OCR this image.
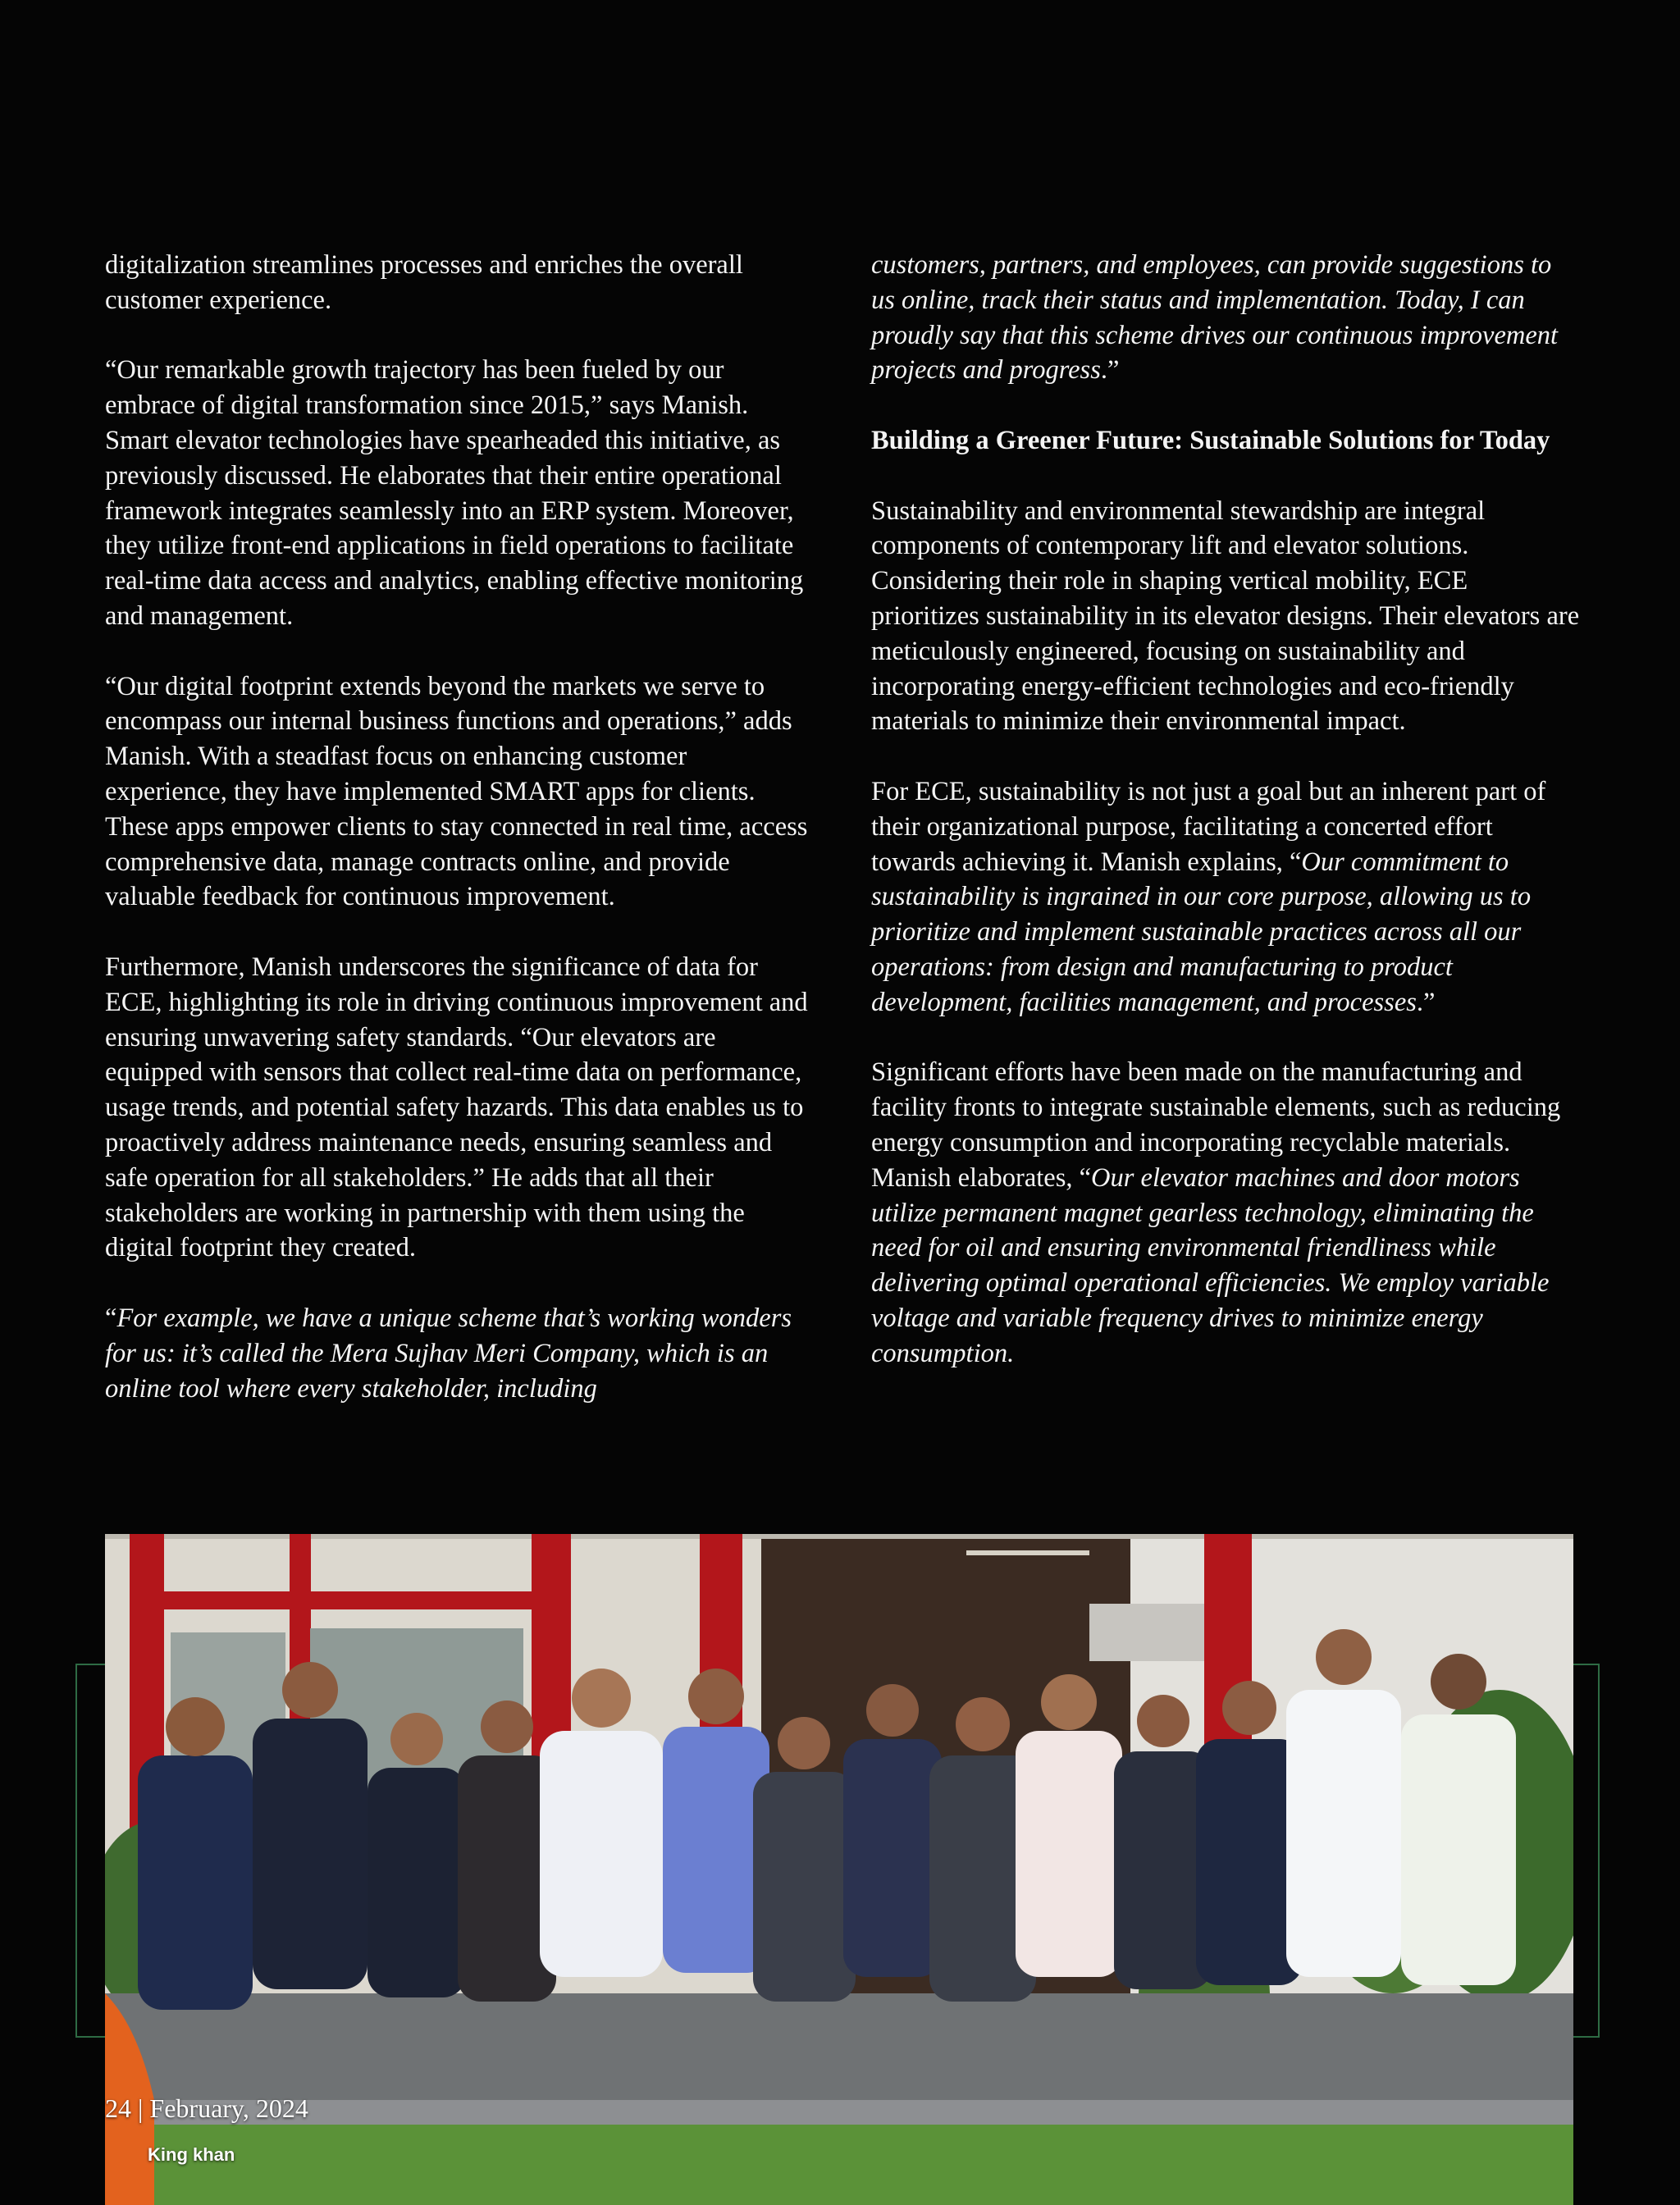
digitalization streamlines processes and enriches the overall customer experience.

“Our remarkable growth trajectory has been fueled by our embrace of digital transformation since 2015,” says Manish. Smart elevator technologies have spearheaded this initiative, as previously discussed. He elaborates that their entire operational framework integrates seamlessly into an ERP system. Moreover, they utilize front-end applications in field operations to facilitate real-time data access and analytics, enabling effective monitoring and management.

“Our digital footprint extends beyond the markets we serve to encompass our internal business functions and operations,” adds Manish. With a steadfast focus on enhancing customer experience, they have implemented SMART apps for clients. These apps empower clients to stay connected in real time, access comprehensive data, manage contracts online, and provide valuable feedback for continuous improvement.

Furthermore, Manish underscores the significance of data for ECE, highlighting its role in driving continuous improvement and ensuring unwavering safety standards. “Our elevators are equipped with sensors that collect real-time data on performance, usage trends, and potential safety hazards. This data enables us to proactively address maintenance needs, ensuring seamless and safe operation for all stakeholders.” He adds that all their stakeholders are working in partnership with them using the digital footprint they created.

“For example, we have a unique scheme that’s working wonders for us: it’s called the Mera Sujhav Meri Company, which is an online tool where every stakeholder, including

customers, partners, and employees, can provide suggestions to us online, track their status and implementation. Today, I can proudly say that this scheme drives our continuous improvement projects and progress.”

Building a Greener Future: Sustainable Solutions for Today

Sustainability and environmental stewardship are integral components of contemporary lift and elevator solutions. Considering their role in shaping vertical mobility, ECE prioritizes sustainability in its elevator designs. Their elevators are meticulously engineered, focusing on sustainability and incorporating energy-efficient technologies and eco-friendly materials to minimize their environmental impact.

For ECE, sustainability is not just a goal but an inherent part of their organizational purpose, facilitating a concerted effort towards achieving it. Manish explains, “Our commitment to sustainability is ingrained in our core purpose, allowing us to prioritize and implement sustainable practices across all our operations: from design and manufacturing to product development, facilities management, and processes.”

Significant efforts have been made on the manufacturing and facility fronts to integrate sustainable elements, such as reducing energy consumption and incorporating recyclable materials. Manish elaborates, “Our elevator machines and door motors utilize permanent magnet gearless technology, eliminating the need for oil and ensuring environmental friendliness while delivering optimal operational efficiencies. We employ variable voltage and variable frequency drives to minimize energy consumption.

24 | February, 2024
King khan
